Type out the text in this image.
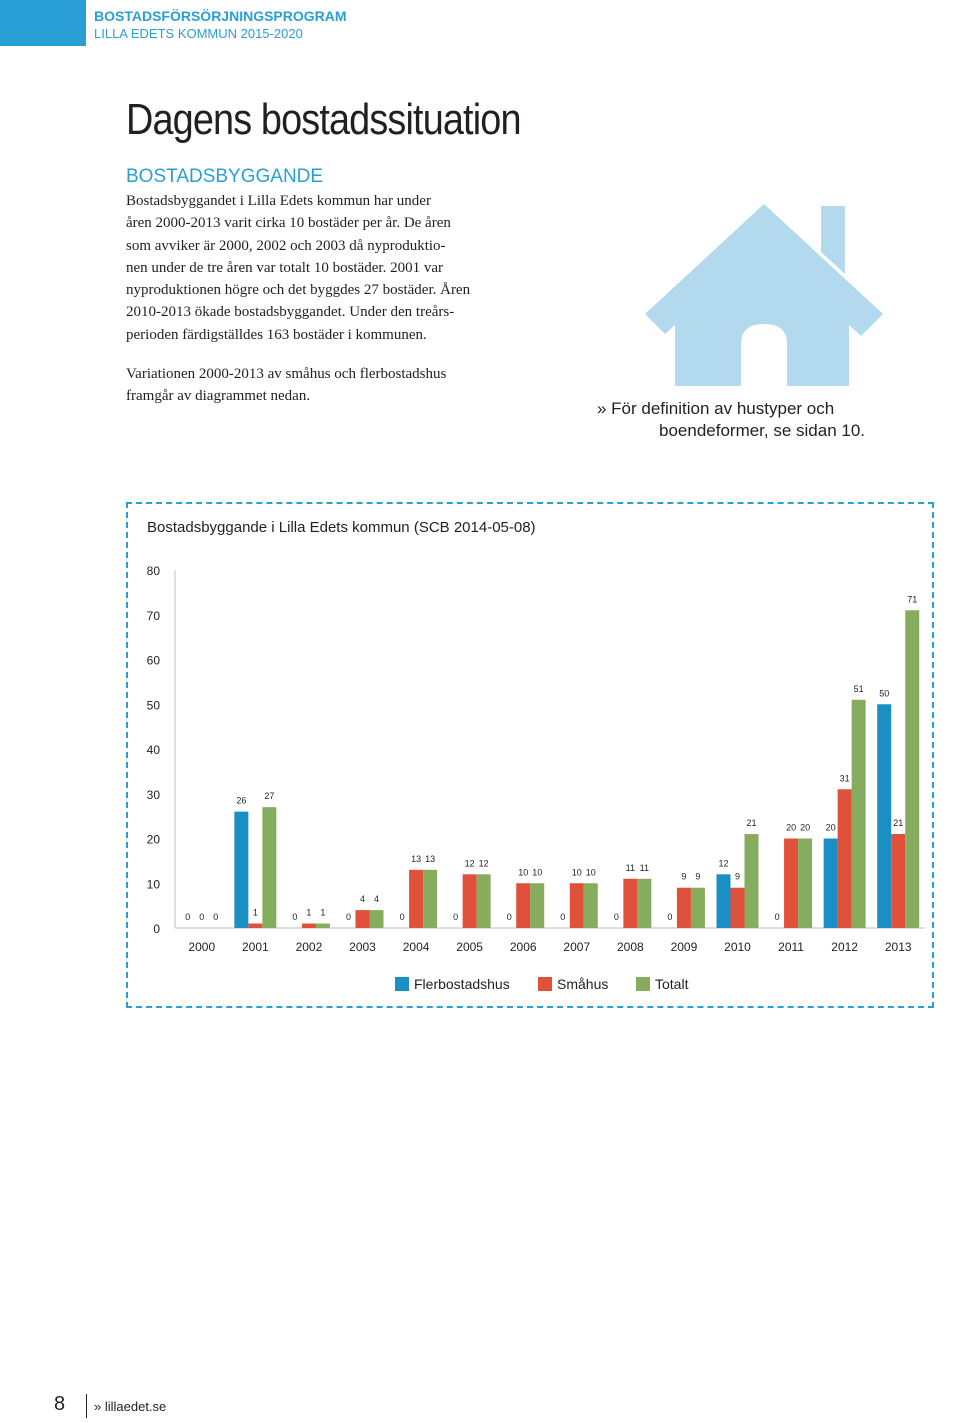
BOSTADSFÖRSÖRJNINGSPROGRAM
LILLA EDETS KOMMUN 2015-2020
Dagens bostadssituation
BOSTADSBYGGANDE

Bostadsbyggandet i Lilla Edets kommun har under
åren 2000-2013 varit cirka 10 bostäder per år. De åren
som avviker är 2000, 2002 och 2003 då nyproduktio-
nen under de tre åren var totalt 10 bostäder. 2001 var
nyproduktionen högre och det byggdes 27 bostäder. Åren
2010-2013 ökade bostadsbyggandet. Under den treårs-
perioden färdigställdes 163 bostäder i kommunen.

Variationen 2000-2013 av småhus och flerbostadshus
framgår av diagrammet nedan.

» För definition av hustyper och
boendeformer, se sidan 10.
Bostadsbyggande i Lilla Edets kommun (SCB 2014-05-08)
0
10
20
30
40
50
60
70
80
0 0 0
2000
26
1
27
2001
0 1 1
2002
0
4 4
2003
0
13 13
2004
0
12 12
2005
0
10 10
2006
0
10 10
2007
0
11 11
2008
0
9 9
2009
12
9
21
2010
0
20 20
2011
20
31
51
2012
50
21
71
2013
Flerbostadshus	Småhus	Totalt
8 » lillaedet.se
